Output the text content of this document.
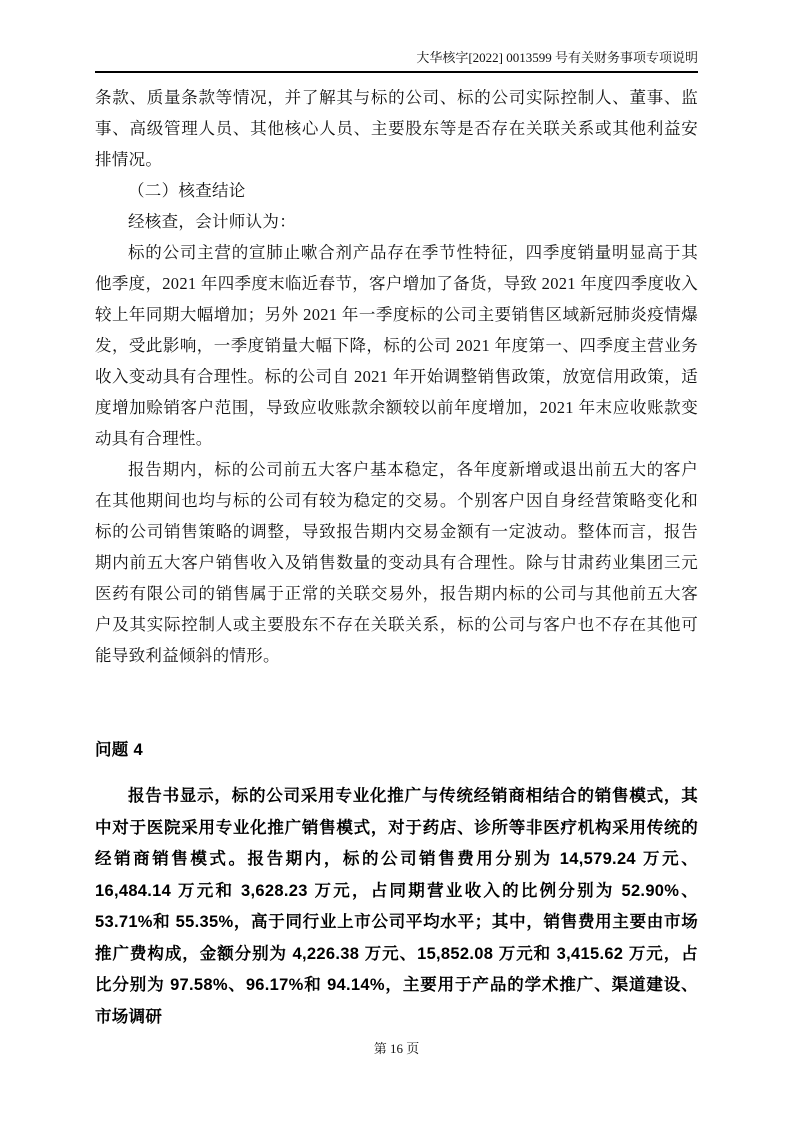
大华核字[2022] 0013599 号有关财务事项专项说明

条款、质量条款等情况，并了解其与标的公司、标的公司实际控制人、董事、监事、高级管理人员、其他核心人员、主要股东等是否存在关联关系或其他利益安排情况。

（二）核查结论

经核查，会计师认为：

标的公司主营的宣肺止嗽合剂产品存在季节性特征，四季度销量明显高于其他季度，2021 年四季度末临近春节，客户增加了备货，导致 2021 年度四季度收入较上年同期大幅增加；另外 2021 年一季度标的公司主要销售区域新冠肺炎疫情爆发，受此影响，一季度销量大幅下降，标的公司 2021 年度第一、四季度主营业务收入变动具有合理性。标的公司自 2021 年开始调整销售政策，放宽信用政策，适度增加赊销客户范围，导致应收账款余额较以前年度增加，2021 年末应收账款变动具有合理性。

报告期内，标的公司前五大客户基本稳定，各年度新增或退出前五大的客户在其他期间也均与标的公司有较为稳定的交易。个别客户因自身经营策略变化和标的公司销售策略的调整，导致报告期内交易金额有一定波动。整体而言，报告期内前五大客户销售收入及销售数量的变动具有合理性。除与甘肃药业集团三元医药有限公司的销售属于正常的关联交易外，报告期内标的公司与其他前五大客户及其实际控制人或主要股东不存在关联关系，标的公司与客户也不存在其他可能导致利益倾斜的情形。

问题 4

报告书显示，标的公司采用专业化推广与传统经销商相结合的销售模式，其中对于医院采用专业化推广销售模式，对于药店、诊所等非医疗机构采用传统的经销商销售模式。报告期内，标的公司销售费用分别为 14,579.24 万元、16,484.14 万元和 3,628.23 万元，占同期营业收入的比例分别为 52.90%、53.71%和 55.35%，高于同行业上市公司平均水平；其中，销售费用主要由市场推广费构成，金额分别为 4,226.38 万元、15,852.08 万元和 3,415.62 万元，占比分别为 97.58%、96.17%和 94.14%，主要用于产品的学术推广、渠道建设、市场调研

第 16 页
